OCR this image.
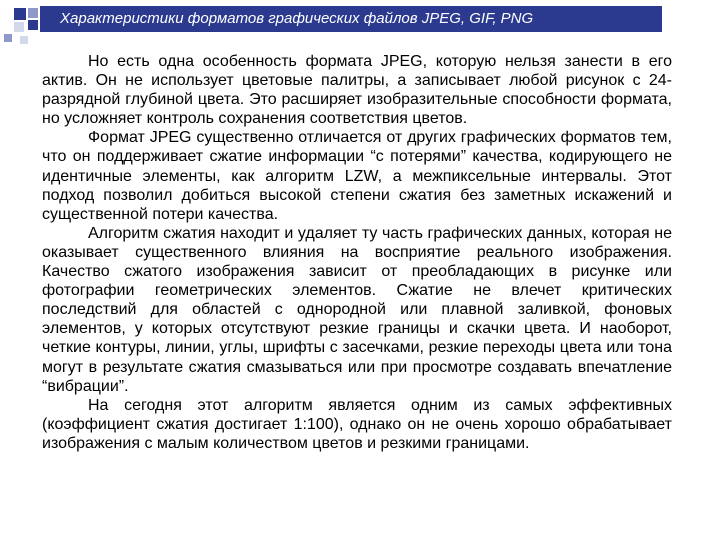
Характеристики форматов графических файлов JPEG, GIF, PNG

Но есть одна особенность формата JPEG, которую нельзя занести в его актив. Он не использует цветовые палитры, а записывает любой рисунок с 24-разрядной глубиной цвета. Это расширяет изобразительные способности формата, но усложняет контроль сохранения соответствия цветов.

Формат JPEG существенно отличается от других графических форматов тем, что он поддерживает сжатие информации “с потерями” качества, кодирующего не идентичные элементы, как алгоритм LZW, а межпиксельные интервалы. Этот подход позволил добиться высокой степени сжатия без заметных искажений и существенной потери качества.

Алгоритм сжатия находит и удаляет ту часть графических данных, которая не оказывает существенного влияния на восприятие реального изображения. Качество сжатого изображения зависит от преобладающих в рисунке или фотографии геометрических элементов. Сжатие не влечет критических последствий для областей с однородной или плавной заливкой, фоновых элементов, у которых отсутствуют резкие границы и скачки цвета. И наоборот, четкие контуры, линии, углы, шрифты с засечками, резкие переходы цвета или тона могут в результате сжатия смазываться или при просмотре создавать впечатление “вибрации”.

На сегодня этот алгоритм является одним из самых эффективных (коэффициент сжатия достигает 1:100), однако он не очень хорошо обрабатывает изображения с малым количеством цветов и резкими границами.
